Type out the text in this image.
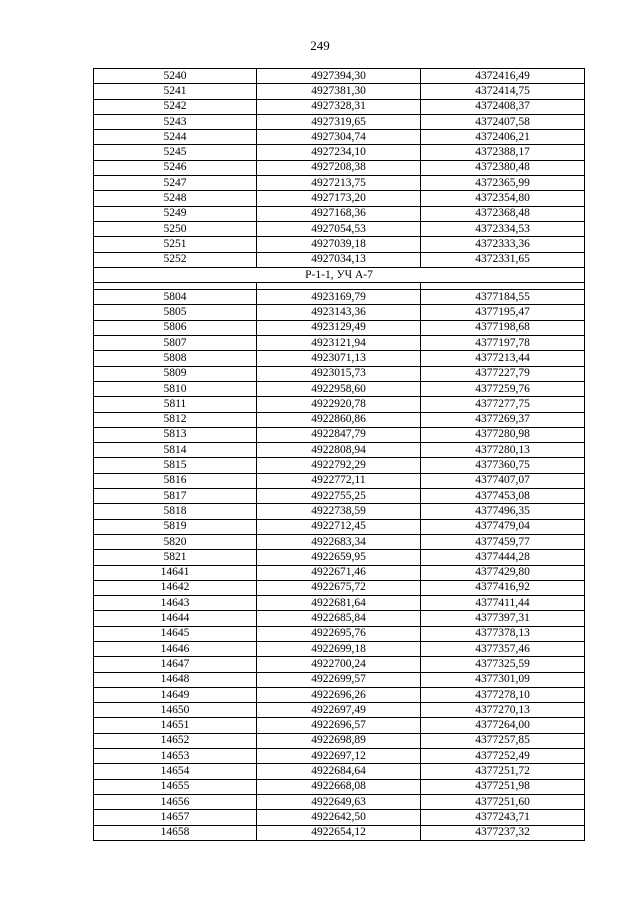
249
5240	4927394,30	4372416,49
5241	4927381,30	4372414,75
5242	4927328,31	4372408,37
5243	4927319,65	4372407,58
5244	4927304,74	4372406,21
5245	4927234,10	4372388,17
5246	4927208,38	4372380,48
5247	4927213,75	4372365,99
5248	4927173,20	4372354,80
5249	4927168,36	4372368,48
5250	4927054,53	4372334,53
5251	4927039,18	4372333,36
5252	4927034,13	4372331,65
Р-1-1, УЧ А-7		

5804	4923169,79	4377184,55
5805	4923143,36	4377195,47
5806	4923129,49	4377198,68
5807	4923121,94	4377197,78
5808	4923071,13	4377213,44
5809	4923015,73	4377227,79
5810	4922958,60	4377259,76
5811	4922920,78	4377277,75
5812	4922860,86	4377269,37
5813	4922847,79	4377280,98
5814	4922808,94	4377280,13
5815	4922792,29	4377360,75
5816	4922772,11	4377407,07
5817	4922755,25	4377453,08
5818	4922738,59	4377496,35
5819	4922712,45	4377479,04
5820	4922683,34	4377459,77
5821	4922659,95	4377444,28
14641	4922671,46	4377429,80
14642	4922675,72	4377416,92
14643	4922681,64	4377411,44
14644	4922685,84	4377397,31
14645	4922695,76	4377378,13
14646	4922699,18	4377357,46
14647	4922700,24	4377325,59
14648	4922699,57	4377301,09
14649	4922696,26	4377278,10
14650	4922697,49	4377270,13
14651	4922696,57	4377264,00
14652	4922698,89	4377257,85
14653	4922697,12	4377252,49
14654	4922684,64	4377251,72
14655	4922668,08	4377251,98
14656	4922649,63	4377251,60
14657	4922642,50	4377243,71
14658	4922654,12	4377237,32
